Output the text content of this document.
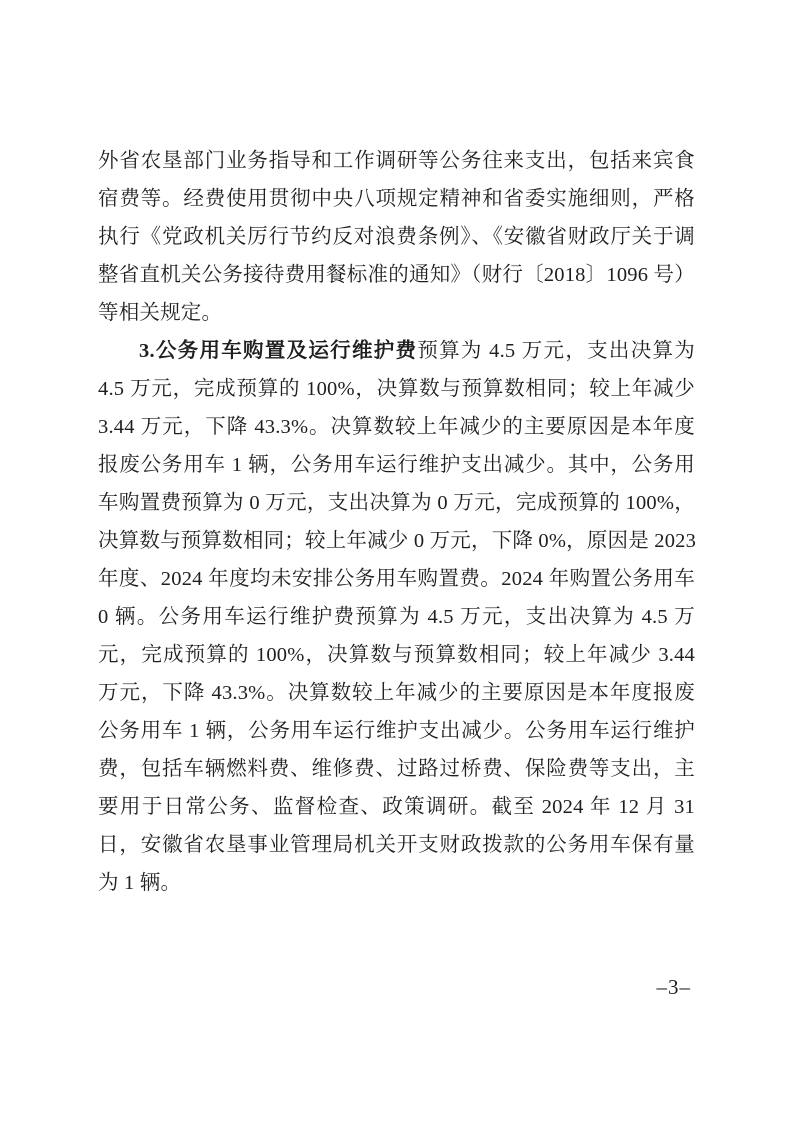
外省农垦部门业务指导和工作调研等公务往来支出，包括来宾食
宿费等。经费使用贯彻中央八项规定精神和省委实施细则，严格
执行《党政机关厉行节约反对浪费条例》、《安徽省财政厅关于调
整省直机关公务接待费用餐标准的通知》（财行〔2018〕1096 号）
等相关规定。
3.公务用车购置及运行维护费预算为 4.5 万元，支出决算为
4.5 万元，完成预算的 100%，决算数与预算数相同；较上年减少
3.44 万元，下降 43.3%。决算数较上年减少的主要原因是本年度
报废公务用车 1 辆，公务用车运行维护支出减少。其中，公务用
车购置费预算为 0 万元，支出决算为 0 万元，完成预算的 100%，
决算数与预算数相同；较上年减少 0 万元，下降 0%，原因是 2023
年度、2024 年度均未安排公务用车购置费。2024 年购置公务用车
0 辆。公务用车运行维护费预算为 4.5 万元，支出决算为 4.5 万
元，完成预算的 100%，决算数与预算数相同；较上年减少 3.44
万元，下降 43.3%。决算数较上年减少的主要原因是本年度报废
公务用车 1 辆，公务用车运行维护支出减少。公务用车运行维护
费，包括车辆燃料费、维修费、过路过桥费、保险费等支出，主
要用于日常公务、监督检查、政策调研。截至 2024 年 12 月 31
日，安徽省农垦事业管理局机关开支财政拨款的公务用车保有量
为 1 辆。
–3–
